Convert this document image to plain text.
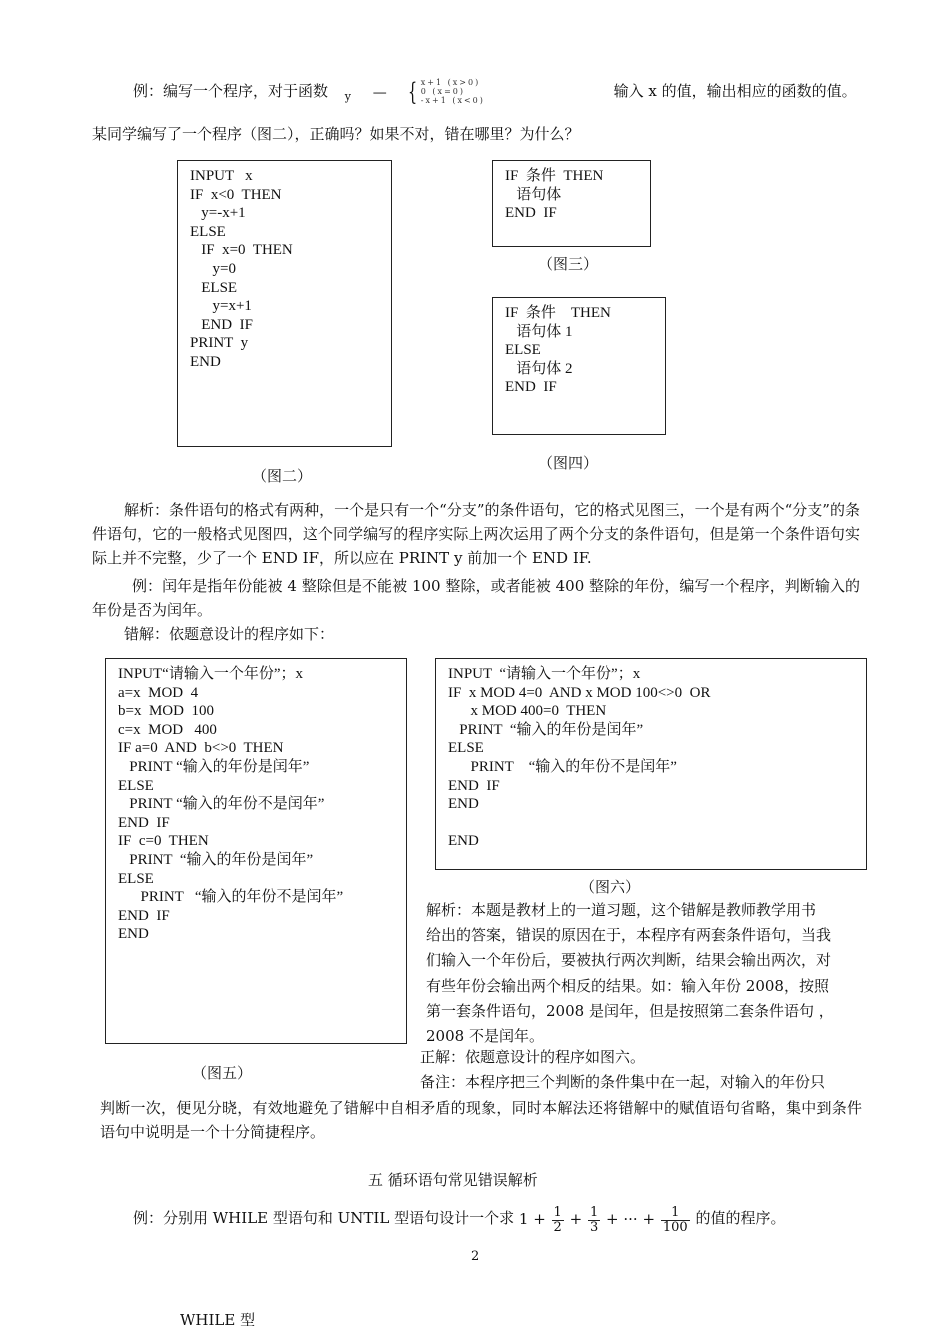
例：编写一个程序，对于函数 y — { x+1 (x>0)
0 (x=0)
-x+1 (x<0)
输入 x 的值，输出相应的函数的值。
某同学编写了一个程序（图二），正确吗？如果不对，错在哪里？为什么？
INPUT   x
IF  x<0  THEN
y=-x+1
ELSE
IF  x=0  THEN
y=0
ELSE
y=x+1
END  IF
PRINT  y
END
（图二）
IF  条件  THEN
语句体
END  IF
（图三）
IF  条件    THEN
语句体 1
ELSE
语句体 2
END  IF
（图四）
解析：条件语句的格式有两种，一个是只有一个“分支”的条件语句，它的格式见图三，一个是有两个“分支”的条件语句，它的一般格式见图四，这个同学编写的程序实际上两次运用了两个分支的条件语句，但是第一个条件语句实际上并不完整，少了一个 END IF，所以应在 PRINT y 前加一个 END IF.
例：闰年是指年份能被 4 整除但是不能被 100 整除，或者能被 400 整除的年份，编写一个程序，判断输入的年份是否为闰年。
错解：依题意设计的程序如下：
INPUT“请输入一个年份”；x
a=x  MOD  4
b=x  MOD  100
c=x  MOD   400
IF a=0  AND  b<>0  THEN
PRINT “输入的年份是闰年”
ELSE
PRINT “输入的年份不是闰年”
END  IF
IF  c=0  THEN
PRINT  “输入的年份是闰年”
ELSE
PRINT   “输入的年份不是闰年”
END  IF
END
（图五）
INPUT  “请输入一个年份”；x
IF  x MOD 4=0  AND x MOD 100<>0  OR
x MOD 400=0  THEN
PRINT  “输入的年份是闰年”
ELSE
PRINT    “输入的年份不是闰年”
END  IF
END

END
（图六）
解析：本题是教材上的一道习题，这个错解是教师教学用书
给出的答案，错误的原因在于，本程序有两套条件语句，当我
们输入一个年份后，要被执行两次判断，结果会输出两次，对
有些年份会输出两个相反的结果。如：输入年份 2008，按照
第一套条件语句，2008 是闰年，但是按照第二套条件语句 ，
2008 不是闰年。
正解：依题意设计的程序如图六。
备注：本程序把三个判断的条件集中在一起，对输入的年份只
判断一次，便见分晓，有效地避免了错解中自相矛盾的现象，同时本解法还将错解中的赋值语句省略，集中到条件语句中说明是一个十分简捷程序。
五 循环语句常见错误解析
例：分别用 WHILE 型语句和 UNTIL 型语句设计一个求 $1 + \frac{1}{2} + \frac{1}{3}$ + ··· + $\frac{1}{100}$ 的值的程序。
2
WHILE 型
